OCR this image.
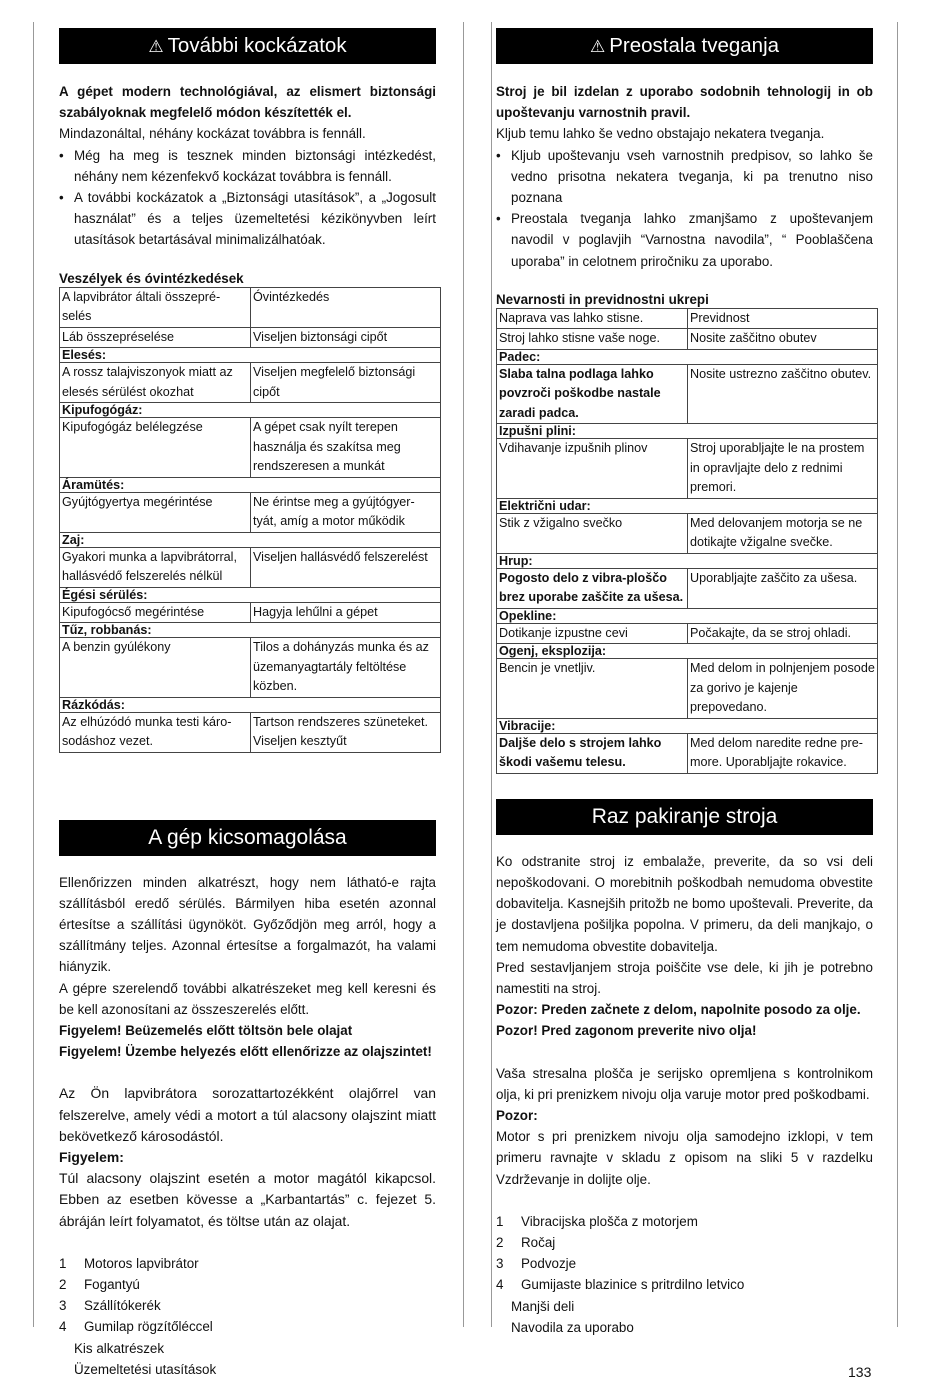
⚠ További kockázatok

A gépet modern technológiával, az elismert biztonsági szabályoknak megfelelő módon készítették el.

Mindazonáltal, néhány kockázat továbbra is fennáll.

• Még ha meg is tesznek minden biztonsági intézkedést, néhány nem kézenfekvő kockázat továbbra is fennáll.
• A további kockázatok a „Biztonsági utasítások”, a „Jogosult használat” és a teljes üzemeltetési kézikönyvben leírt utasítások betartásával minimalizálhatóak.
Veszélyek és óvintézkedések
A lapvibrátor általi összepré-selés	Óvintézkedés
Láb összepréselése	Viseljen biztonsági cipőt
Elesés:	
A rossz talajviszonyok miatt az elesés sérülést okozhat	Viseljen megfelelő biztonsági cipőt
Kipufogógáz:	
Kipufogógáz belélegzése	A gépet csak nyílt terepen használja és szakítsa meg rendszeresen a munkát
Áramütés:	
Gyújtógyertya megérintése	Ne érintse meg a gyújtógyer-tyát, amíg a motor működik
Zaj:	
Gyakori munka a lapvibrátorral, hallásvédő felszerelés nélkül	Viseljen hallásvédő felszerelést
Égési sérülés:	
Kipufogócső megérintése	Hagyja lehűlni a gépet
Tűz, robbanás:	
A benzin gyúlékony	Tilos a dohányzás munka és az üzemanyagtartály feltöltése közben.
Rázkódás:	
Az elhúzódó munka testi káro-sodáshoz vezet.	Tartson rendszeres szüneteket. Viseljen kesztyűt
A gép kicsomagolása

Ellenőrizzen minden alkatrészt, hogy nem látható-e rajta szállításból eredő sérülés. Bármilyen hiba esetén azonnal értesítse a szállítási ügynököt. Győződjön meg arról, hogy a szállítmány teljes. Azonnal értesítse a forgalmazót, ha valami hiányzik.

A gépre szerelendő további alkatrészeket meg kell keresni és be kell azonosítani az összeszerelés előtt.

Figyelem! Beüzemelés előtt töltsön bele olajat

Figyelem! Üzembe helyezés előtt ellenőrizze az olajszintet!

Az Ön lapvibrátora sorozattartozékként olajőrrel van felszerelve, amely védi a motort a túl alacsony olajszint miatt bekövetkező károsodástól.

Figyelem:

Túl alacsony olajszint esetén a motor magától kikapcsol. Ebben az esetben kövesse a „Karbantartás” c. fejezet 5. ábráján leírt folyamatot, és töltse után az olajat.

1 Motoros lapvibrátor
2 Fogantyú
3 Szállítókerék
4 Gumilap rögzítőléccel
Kis alkatrészek
Üzemeltetési utasítások
⚠ Preostala tveganja

Stroj je bil izdelan z uporabo sodobnih tehnologij in ob upoštevanju varnostnih pravil.

Kljub temu lahko še vedno obstajajo nekatera tveganja.

• Kljub upoštevanju vseh varnostnih predpisov, so lahko še vedno prisotna nekatera tveganja, ki pa trenutno niso poznana
• Preostala tveganja lahko zmanjšamo z upoštevanjem navodil v poglavjih “Varnostna navodila”, “ Pooblaščena uporaba” in celotnem priročniku za uporabo.
Nevarnosti in previdnostni ukrepi
Naprava vas lahko stisne.	Previdnost
Stroj lahko stisne vaše noge.	Nosite zaščitno obutev
Padec:	
Slaba talna podlaga lahko povzroči poškodbe nastale zaradi padca.	Nosite ustrezno zaščitno obutev.
Izpušni plini:	
Vdihavanje izpušnih plinov	Stroj uporabljajte le na prostem in opravljajte delo z rednimi premori.
Električni udar:	
Stik z vžigalno svečko	Med delovanjem motorja se ne dotikajte vžigalne svečke.
Hrup:	
Pogosto delo z vibra-ploščo brez uporabe zaščite za ušesa.	Uporabljajte zaščito za ušesa.
Opekline:	
Dotikanje izpustne cevi	Počakajte, da se stroj ohladi.
Ogenj, eksplozija:	
Bencin je vnetljiv.	Med delom in polnjenjem posode za gorivo je kajenje prepovedano.
Vibracije:	
Daljše delo s strojem lahko škodi vašemu telesu.	Med delom naredite redne pre-more. Uporabljajte rokavice.
Raz pakiranje stroja

Ko odstranite stroj iz embalaže, preverite, da so vsi deli nepoškodovani. O morebitnih poškodbah nemudoma obvestite dobavitelja. Kasnejših pritožb ne bomo upoštevali. Preverite, da je dostavljena pošiljka popolna. V primeru, da deli manjkajo, o tem nemudoma obvestite dobavitelja.

Pred sestavljanjem stroja poiščite vse dele, ki jih je potrebno namestiti na stroj.

Pozor: Preden začnete z delom, napolnite posodo za olje.

Pozor! Pred zagonom preverite nivo olja!

Vaša stresalna plošča je serijsko opremljena s kontrolnikom olja, ki pri prenizkem nivoju olja varuje motor pred poškodbami.

Pozor:

Motor s pri prenizkem nivoju olja samodejno izklopi, v tem primeru ravnajte v skladu z opisom na sliki 5 v razdelku Vzdrževanje in dolijte olje.

1 Vibracijska plošča z motorjem
2 Ročaj
3 Podvozje
4 Gumijaste blazinice s pritrdilno letvico
Manjši deli
Navodila za uporabo
133
